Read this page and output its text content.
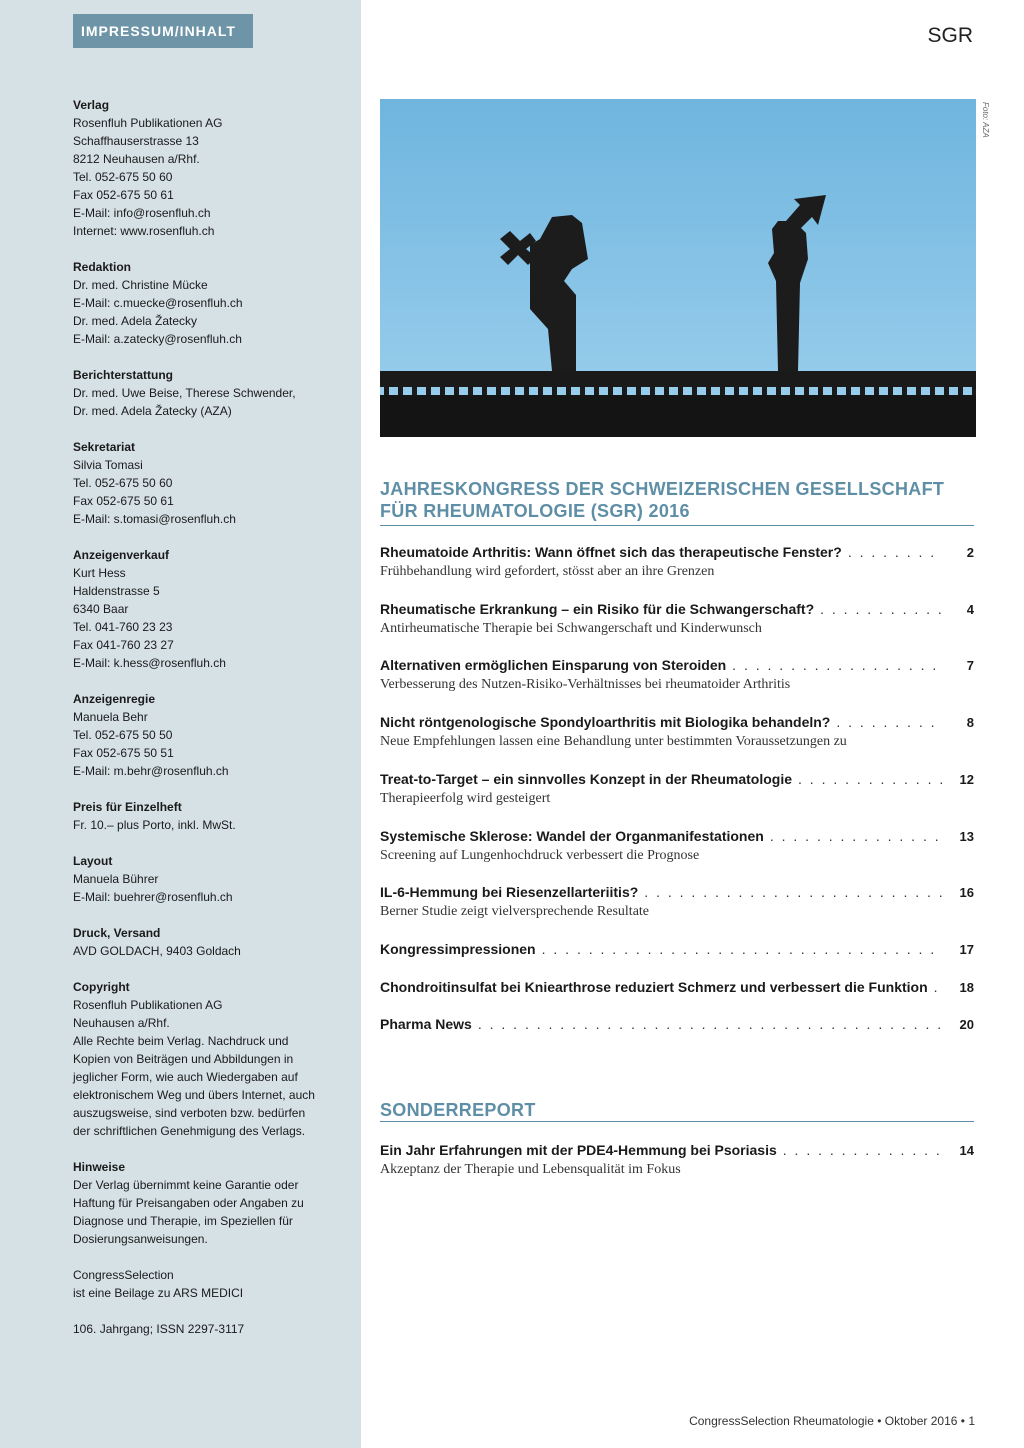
IMPRESSUM/INHALT	SGR
Verlag
Rosenfluh Publikationen AG
Schaffhauserstrasse 13
8212 Neuhausen a/Rhf.
Tel. 052-675 50 60
Fax 052-675 50 61
E-Mail: info@rosenfluh.ch
Internet: www.rosenfluh.ch
Redaktion
Dr. med. Christine Mücke
E-Mail: c.muecke@rosenfluh.ch
Dr. med. Adela Žatecky
E-Mail: a.zatecky@rosenfluh.ch
Berichterstattung
Dr. med. Uwe Beise, Therese Schwender,
Dr. med. Adela Žatecky (AZA)
Sekretariat
Silvia Tomasi
Tel. 052-675 50 60
Fax 052-675 50 61
E-Mail: s.tomasi@rosenfluh.ch
Anzeigenverkauf
Kurt Hess
Haldenstrasse 5
6340 Baar
Tel. 041-760 23 23
Fax 041-760 23 27
E-Mail: k.hess@rosenfluh.ch
Anzeigenregie
Manuela Behr
Tel. 052-675 50 50
Fax 052-675 50 51
E-Mail: m.behr@rosenfluh.ch
Preis für Einzelheft
Fr. 10.– plus Porto, inkl. MwSt.
Layout
Manuela Bührer
E-Mail: buehrer@rosenfluh.ch
Druck, Versand
AVD GOLDACH, 9403 Goldach
Copyright
Rosenfluh Publikationen AG
Neuhausen a/Rhf.
Alle Rechte beim Verlag. Nachdruck und
Kopien von Beiträgen und Abbildungen in
jeglicher Form, wie auch Wiedergaben auf
elektronischem Weg und übers Internet, auch
auszugsweise, sind verboten bzw. bedürfen
der schriftlichen Genehmigung des Verlags.
Hinweise
Der Verlag übernimmt keine Garantie oder
Haftung für Preisangaben oder Angaben zu
Diagnose und Therapie, im Speziellen für
Dosierungsanweisungen.
CongressSelection
ist eine Beilage zu ARS MEDICI
106. Jahrgang; ISSN 2297-3117
Foto: AZA
JAHRESKONGRESS DER SCHWEIZERISCHEN GESELLSCHAFT
FÜR RHEUMATOLOGIE (SGR) 2016
Rheumatoide Arthritis: Wann öffnet sich das therapeutische Fenster? . . .	2
Frühbehandlung wird gefordert, stösst aber an ihre Grenzen
Rheumatische Erkrankung – ein Risiko für die Schwangerschaft? . . .	4
Antirheumatische Therapie bei Schwangerschaft und Kinderwunsch
Alternativen ermöglichen Einsparung von Steroiden . . .	7
Verbesserung des Nutzen-Risiko-Verhältnisses bei rheumatoider Arthritis
Nicht röntgenologische Spondyloarthritis mit Biologika behandeln? . . .	8
Neue Empfehlungen lassen eine Behandlung unter bestimmten Voraussetzungen zu
Treat-to-Target – ein sinnvolles Konzept in der Rheumatologie . . .	12
Therapieerfolg wird gesteigert
Systemische Sklerose: Wandel der Organmanifestationen . . .	13
Screening auf Lungenhochdruck verbessert die Prognose
IL-6-Hemmung bei Riesenzellarteriitis? . . .	16
Berner Studie zeigt vielversprechende Resultate
Kongressimpressionen . . .	17
Chondroitinsulfat bei Kniearthrose reduziert Schmerz und verbessert die Funktion . . . 18
Pharma News . . .	20
SONDERREPORT
Ein Jahr Erfahrungen mit der PDE4-Hemmung bei Psoriasis . . .	14
Akzeptanz der Therapie und Lebensqualität im Fokus
CongressSelection Rheumatologie • Oktober 2016 • 1
